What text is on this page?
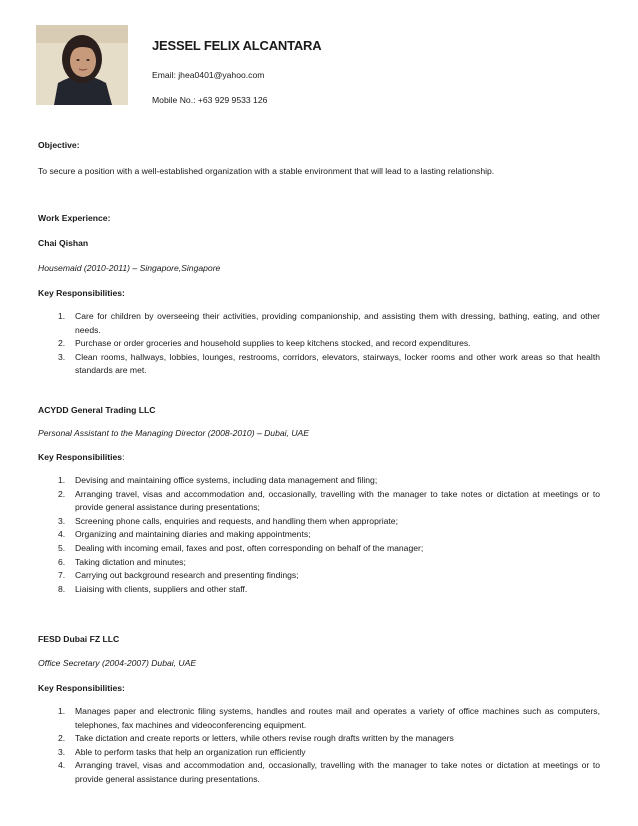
JESSEL FELIX ALCANTARA
Email: jhea0401@yahoo.com
Mobile No.: +63 929 9533 126
Objective:
To secure a position with a well-established organization with a stable environment that will lead to a lasting relationship.
Work Experience:
Chai Qishan
Housemaid (2010-2011) – Singapore,Singapore
Key Responsibilities:
1. Care for children by overseeing their activities, providing companionship, and assisting them with dressing, bathing, eating, and other needs.
2. Purchase or order groceries and household supplies to keep kitchens stocked, and record expenditures.
3. Clean rooms, hallways, lobbies, lounges, restrooms, corridors, elevators, stairways, locker rooms and other work areas so that health standards are met.
ACYDD General Trading LLC
Personal Assistant to the Managing Director (2008-2010) – Dubai, UAE
Key Responsibilities:
1. Devising and maintaining office systems, including data management and filing;
2. Arranging travel, visas and accommodation and, occasionally, travelling with the manager to take notes or dictation at meetings or to provide general assistance during presentations;
3. Screening phone calls, enquiries and requests, and handling them when appropriate;
4. Organizing and maintaining diaries and making appointments;
5. Dealing with incoming email, faxes and post, often corresponding on behalf of the manager;
6. Taking dictation and minutes;
7. Carrying out background research and presenting findings;
8. Liaising with clients, suppliers and other staff.
FESD Dubai FZ LLC
Office Secretary (2004-2007) Dubai, UAE
Key Responsibilities:
1. Manages paper and electronic filing systems, handles and routes mail and operates a variety of office machines such as computers, telephones, fax machines and videoconferencing equipment.
2. Take dictation and create reports or letters, while others revise rough drafts written by the managers
3. Able to perform tasks that help an organization run efficiently
4. Arranging travel, visas and accommodation and, occasionally, travelling with the manager to take notes or dictation at meetings or to provide general assistance during presentations.
